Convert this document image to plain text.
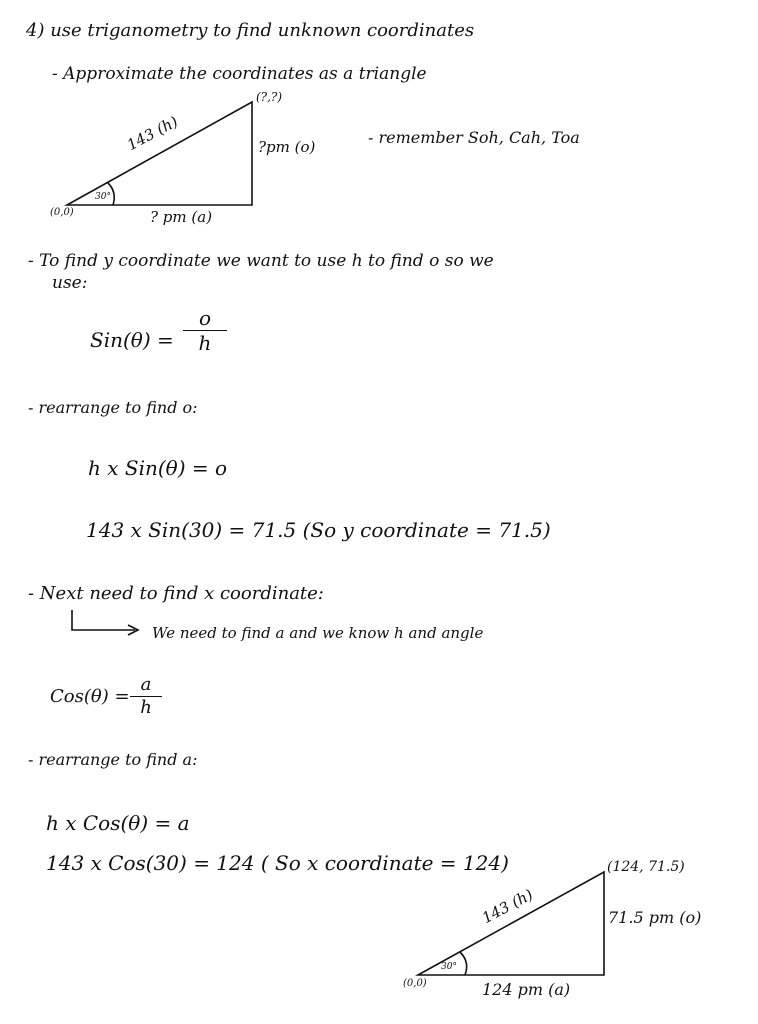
4) use triganometry to find unknown coordinates
- Approximate the coordinates as a triangle
(?,?)
143 (h)	?pm (o)
? pm (a)
30°
(0,0)
- remember Soh, Cah, Toa
- To find y coordinate we want to use h to find o so we
use:
Sin(θ) =
o
h
- rearrange to find o:
h x Sin(θ) = o
143 x Sin(30) = 71.5 (So y coordinate = 71.5)
- Next need to find x coordinate:
We need to find a and we know h and angle
Cos(θ) =
a
h
- rearrange to find a:
h x Cos(θ) = a
143 x Cos(30) = 124 ( So x coordinate = 124)	(124, 71.5)
143 (h)	71.5 pm (o)
124 pm (a)
30°
(0,0)
